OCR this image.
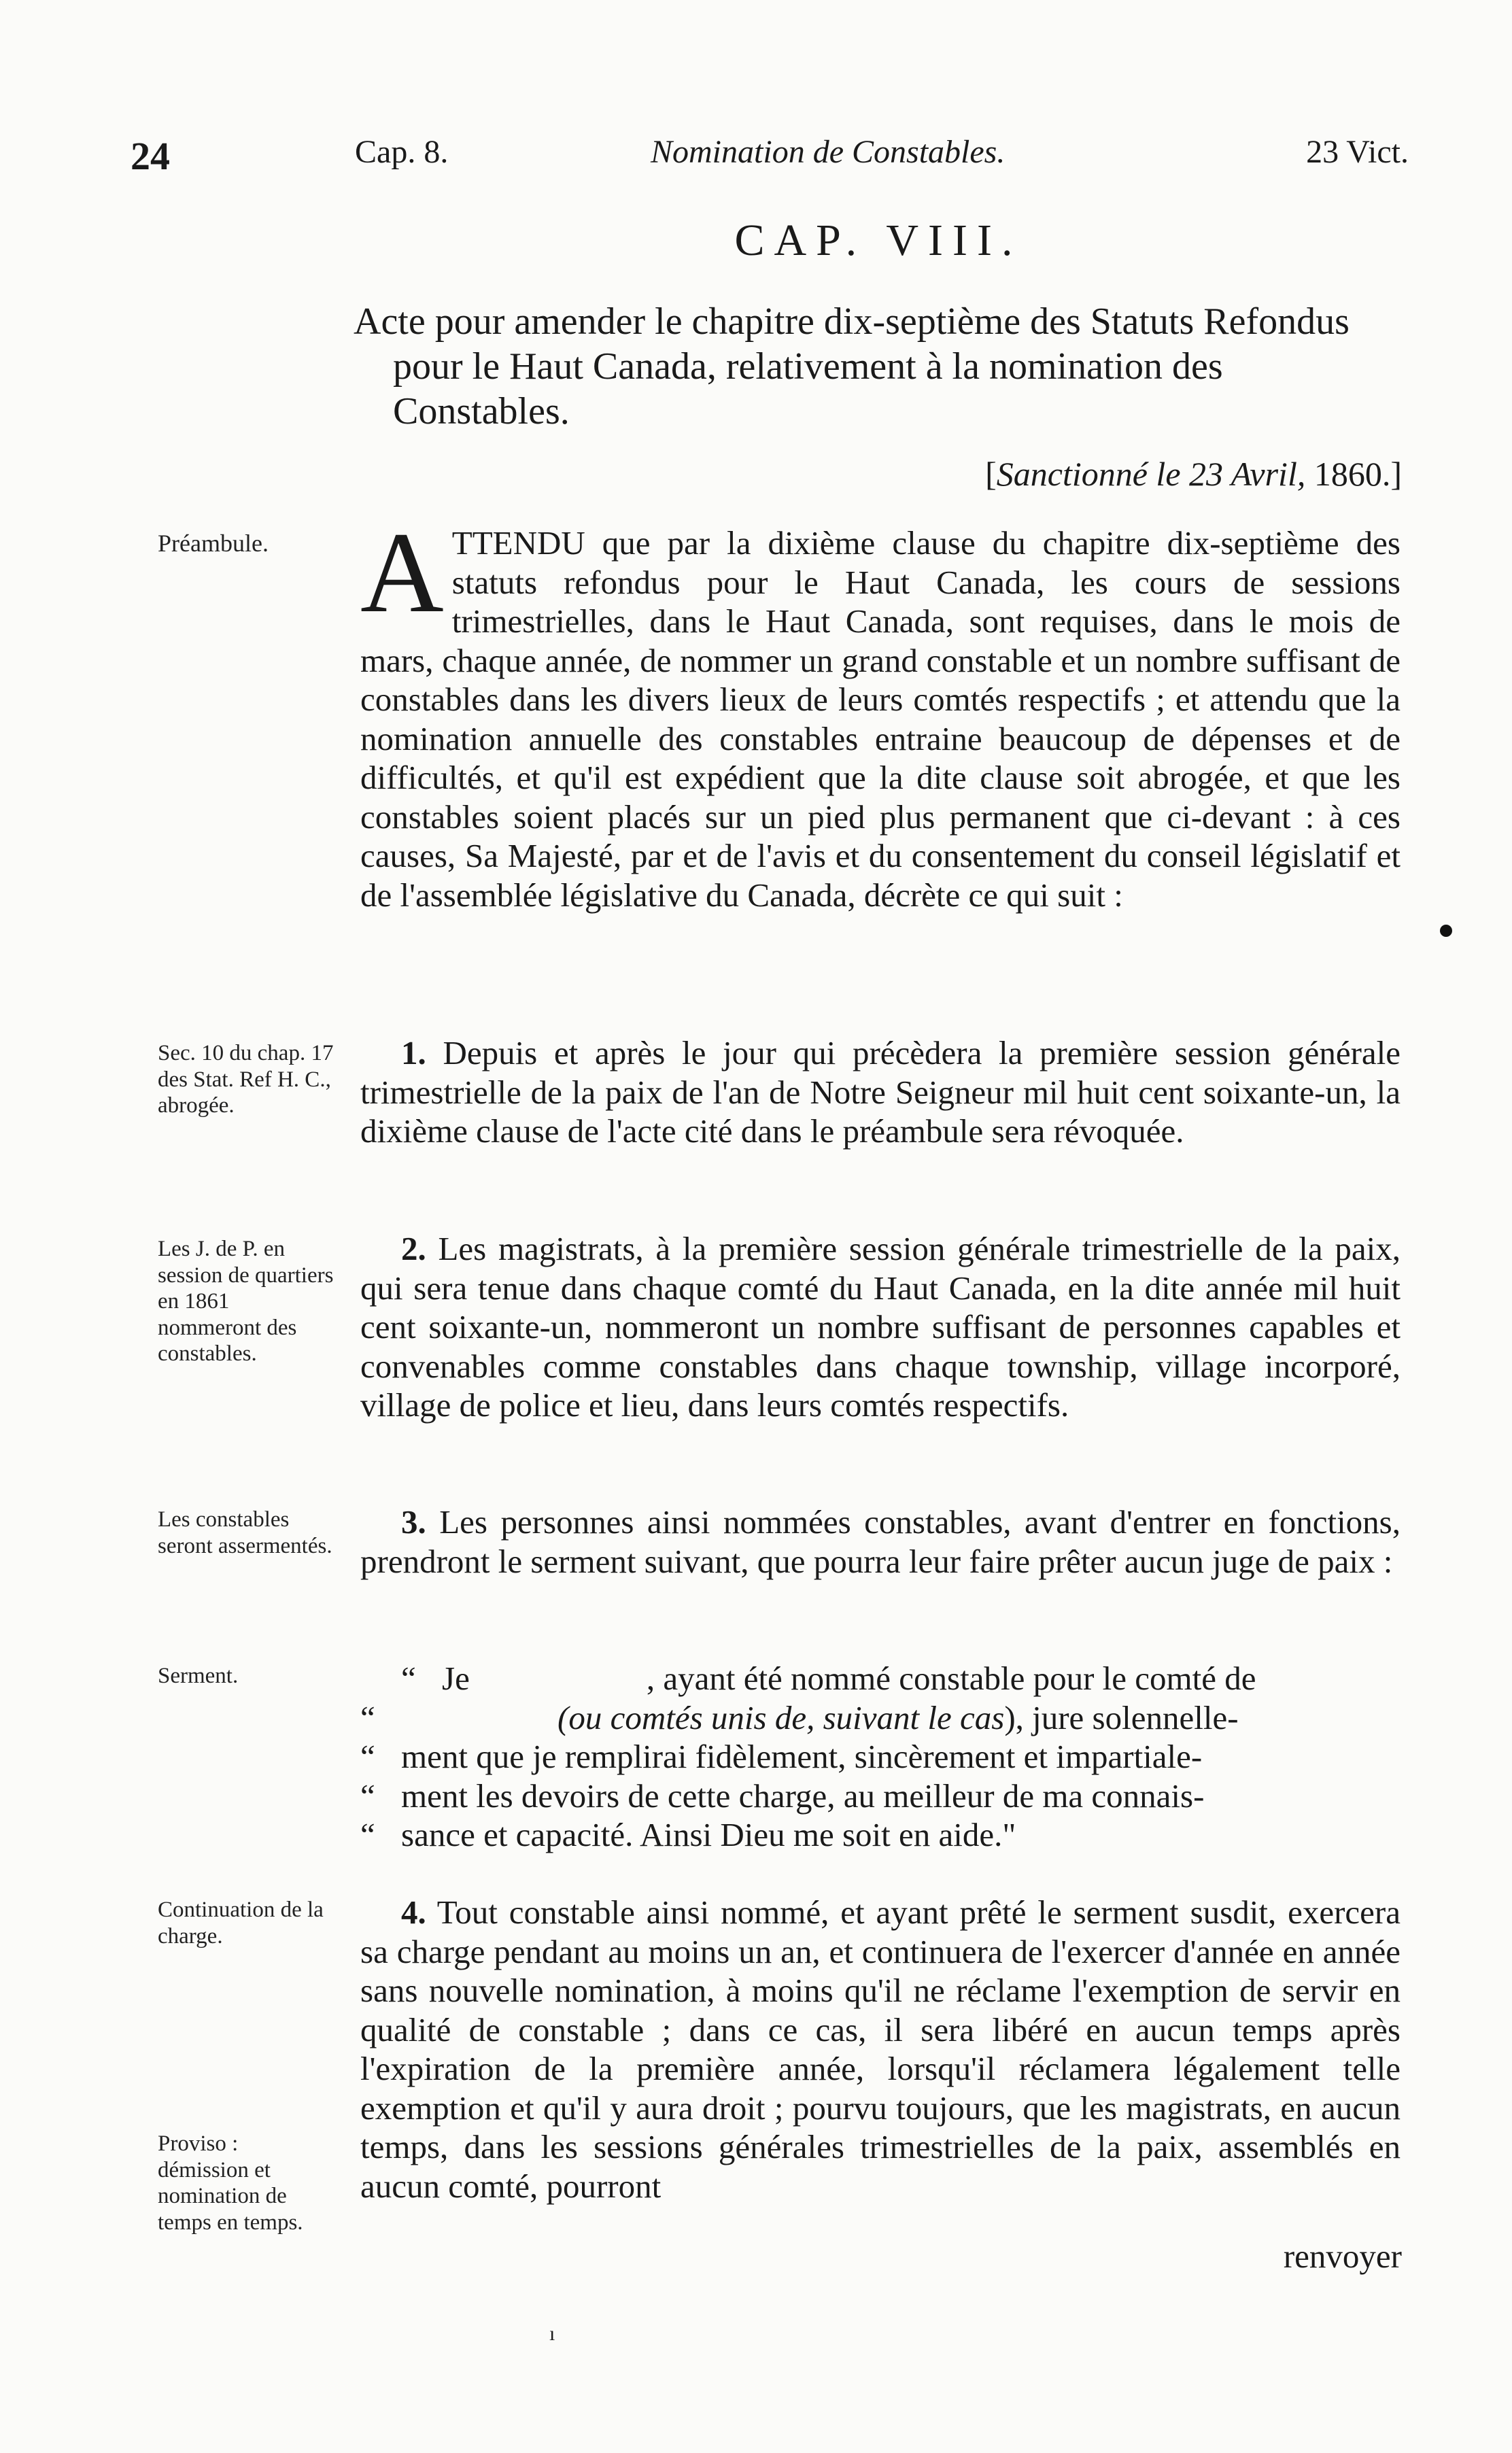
24	Cap. 8.	Nomination de Constables.	23 Vict.
CAP. VIII.
Acte pour amender le chapitre dix-septième des Statuts Refondus pour le Haut Canada, relativement à la nomination des Constables.
[Sanctionné le 23 Avril, 1860.]
Préambule.
Sec. 10 du chap. 17 des Stat. Ref H. C., abrogée.
Les J. de P. en session de quartiers en 1861 nommeront des constables.
Les constables seront assermentés.
Serment.
Continuation de la charge.
Proviso : démission et nomination de temps en temps.

ATTENDU que par la dixième clause du chapitre dix-septième des statuts refondus pour le Haut Canada, les cours de sessions trimestrielles, dans le Haut Canada, sont requises, dans le mois de mars, chaque année, de nommer un grand constable et un nombre suffisant de constables dans les divers lieux de leurs comtés respectifs ; et attendu que la nomination annuelle des constables entraine beaucoup de dépenses et de difficultés, et qu'il est expédient que la dite clause soit abrogée, et que les constables soient placés sur un pied plus permanent que ci-devant : à ces causes, Sa Majesté, par et de l'avis et du consentement du conseil législatif et de l'assemblée législative du Canada, décrète ce qui suit :

1. Depuis et après le jour qui précèdera la première session générale trimestrielle de la paix de l'an de Notre Seigneur mil huit cent soixante-un, la dixième clause de l'acte cité dans le préambule sera révoquée.

2. Les magistrats, à la première session générale trimestrielle de la paix, qui sera tenue dans chaque comté du Haut Canada, en la dite année mil huit cent soixante-un, nommeront un nombre suffisant de personnes capables et convenables comme constables dans chaque township, village incorporé, village de police et lieu, dans leurs comtés respectifs.

3. Les personnes ainsi nommées constables, avant d'entrer en fonctions, prendront le serment suivant, que pourra leur faire prêter aucun juge de paix :

“ Je	, ayant été nommé constable pour le comté de
“	(ou comtés unis de, suivant le cas), jure solennelle-
“ ment que je remplirai fidèlement, sincèrement et impartiale-
“ ment les devoirs de cette charge, au meilleur de ma connais-
“ sance et capacité. Ainsi Dieu me soit en aide."

4. Tout constable ainsi nommé, et ayant prêté le serment susdit, exercera sa charge pendant au moins un an, et continuera de l'exercer d'année en année sans nouvelle nomination, à moins qu'il ne réclame l'exemption de servir en qualité de constable ; dans ce cas, il sera libéré en aucun temps après l'expiration de la première année, lorsqu'il réclamera légalement telle exemption et qu'il y aura droit ; pourvu toujours, que les magistrats, en aucun temps, dans les sessions générales trimestrielles de la paix, assemblés en aucun comté, pourront

renvoyer
ı
